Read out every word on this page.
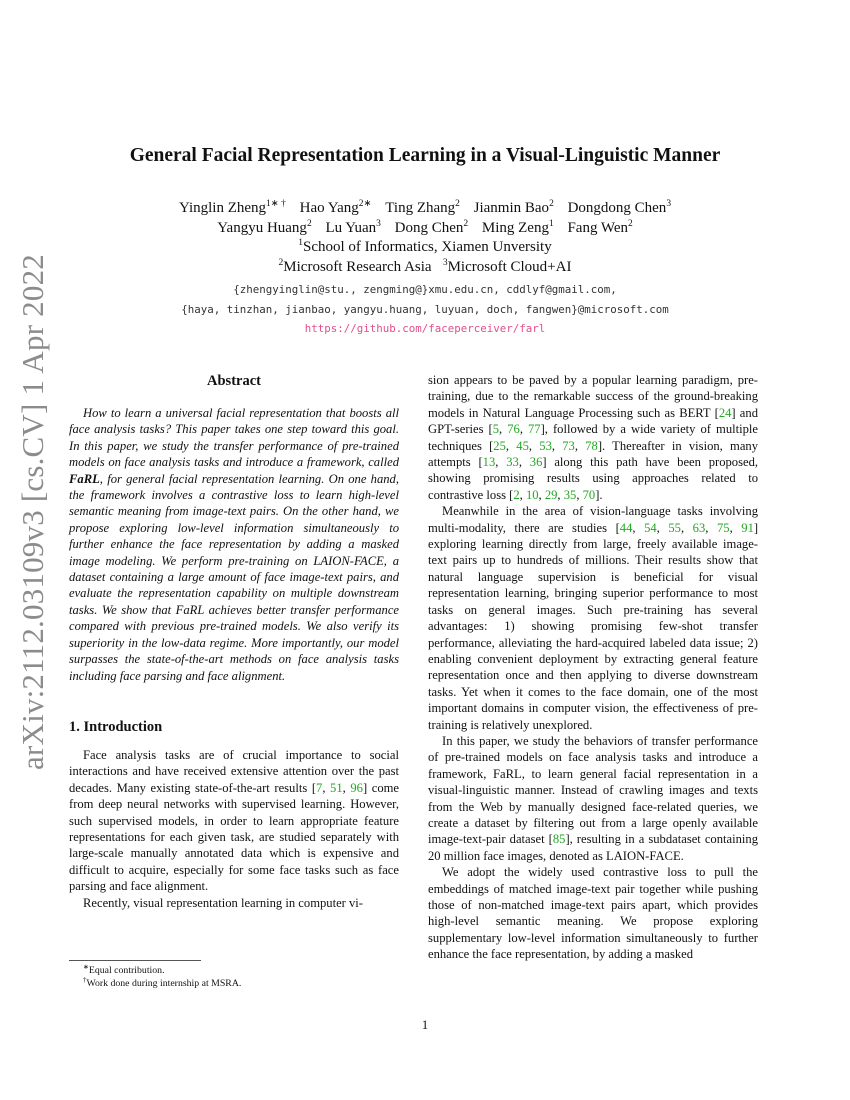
arXiv:2112.03109v3 [cs.CV] 1 Apr 2022
General Facial Representation Learning in a Visual-Linguistic Manner
Yinglin Zheng$^{1∗ \dagger}$ Hao Yang$^{2∗}$ Ting Zhang$^2$ Jianmin Bao$^2$ Dongdong Chen$^3$
Yangyu Huang$^2$ Lu Yuan$^3$ Dong Chen$^2$ Ming Zeng$^1$ Fang Wen$^2$
$^1$School of Informatics, Xiamen Unversity
$^2$Microsoft Research Asia $^3$Microsoft Cloud+AI
{zhengyinglin@stu., zengming@}xmu.edu.cn, cddlyf@gmail.com,
{haya, tinzhan, jianbao, yangyu.huang, luyuan, doch, fangwen}@microsoft.com
https://github.com/faceperceiver/farl
Abstract

How to learn a universal facial representation that boosts all face analysis tasks? This paper takes one step toward this goal. In this paper, we study the transfer performance of pre-trained models on face analysis tasks and introduce a framework, called FaRL, for general facial representation learning. On one hand, the framework involves a contrastive loss to learn high-level semantic meaning from image-text pairs. On the other hand, we propose exploring low-level information simultaneously to further enhance the face representation by adding a masked image modeling. We perform pre-training on LAION-FACE, a dataset containing a large amount of face image-text pairs, and evaluate the representation capability on multiple downstream tasks. We show that FaRL achieves better transfer performance compared with previous pre-trained models. We also verify its superiority in the low-data regime. More importantly, our model surpasses the state-of-the-art methods on face analysis tasks including face parsing and face alignment.

1. Introduction

Face analysis tasks are of crucial importance to social interactions and have received extensive attention over the past decades. Many existing state-of-the-art results [7, 51, 96] come from deep neural networks with supervised learning. However, such supervised models, in order to learn appropriate feature representations for each given task, are studied separately with large-scale manually annotated data which is expensive and difficult to acquire, especially for some face tasks such as face parsing and face alignment.

Recently, visual representation learning in computer vi-

sion appears to be paved by a popular learning paradigm, pre-training, due to the remarkable success of the ground-breaking models in Natural Language Processing such as BERT [24] and GPT-series [5, 76, 77], followed by a wide variety of multiple techniques [25, 45, 53, 73, 78]. Thereafter in vision, many attempts [13, 33, 36] along this path have been proposed, showing promising results using approaches related to contrastive loss [2, 10, 29, 35, 70].

Meanwhile in the area of vision-language tasks involving multi-modality, there are studies [44, 54, 55, 63, 75, 91] exploring learning directly from large, freely available image-text pairs up to hundreds of millions. Their results show that natural language supervision is beneficial for visual representation learning, bringing superior performance to most tasks on general images. Such pre-training has several advantages: 1) showing promising few-shot transfer performance, alleviating the hard-acquired labeled data issue; 2) enabling convenient deployment by extracting general feature representation once and then applying to diverse downstream tasks. Yet when it comes to the face domain, one of the most important domains in computer vision, the effectiveness of pre-training is relatively unexplored.

In this paper, we study the behaviors of transfer performance of pre-trained models on face analysis tasks and introduce a framework, FaRL, to learn general facial representation in a visual-linguistic manner. Instead of crawling images and texts from the Web by manually designed face-related queries, we create a dataset by filtering out from a large openly available image-text-pair dataset [85], resulting in a subdataset containing 20 million face images, denoted as LAION-FACE.

We adopt the widely used contrastive loss to pull the embeddings of matched image-text pair together while pushing those of non-matched image-text pairs apart, which provides high-level semantic meaning. We propose exploring supplementary low-level information simultaneously to further enhance the face representation, by adding a masked

∗Equal contribution.
†Work done during internship at MSRA.
1
